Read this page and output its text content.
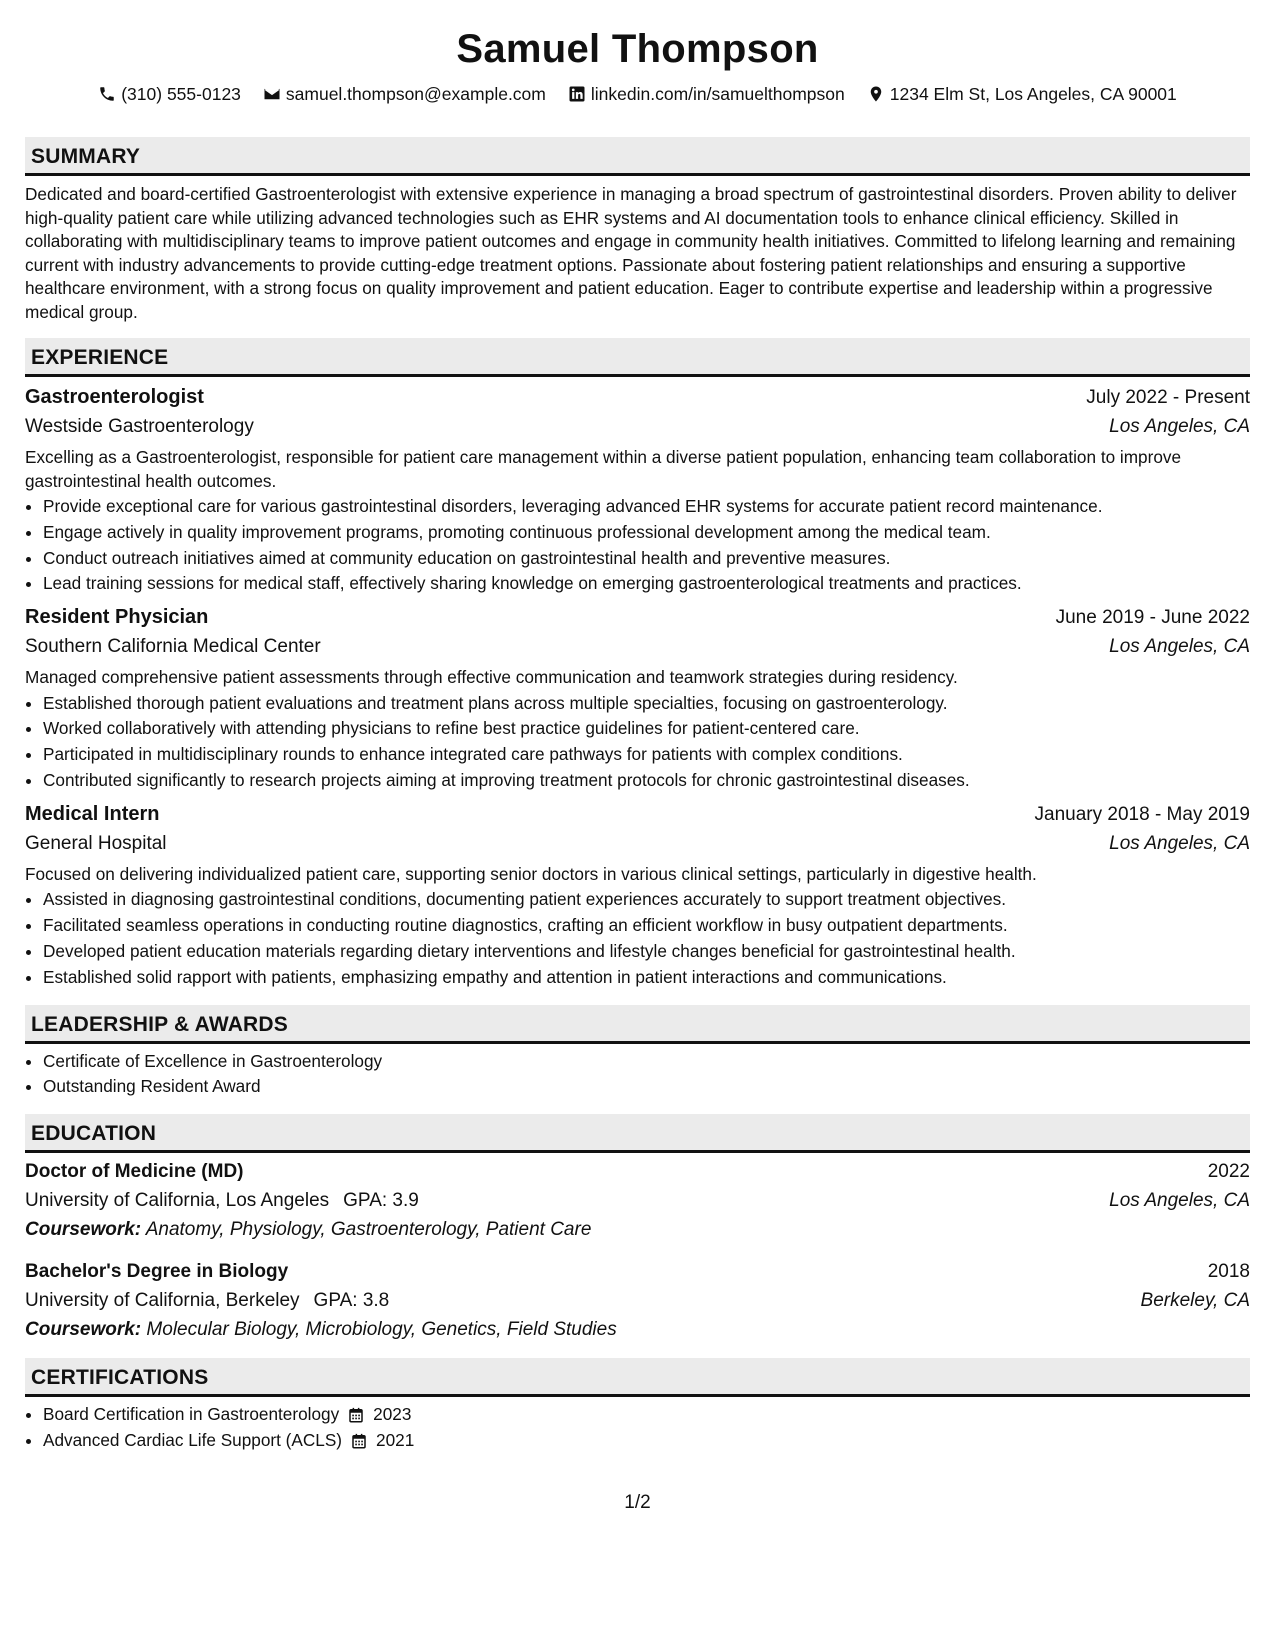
Samuel Thompson
(310) 555-0123	samuel.thompson@example.com	linkedin.com/in/samuelthompson	1234 Elm St, Los Angeles, CA 90001
SUMMARY

Dedicated and board-certified Gastroenterologist with extensive experience in managing a broad spectrum of gastrointestinal disorders. Proven ability to deliver high-quality patient care while utilizing advanced technologies such as EHR systems and AI documentation tools to enhance clinical efficiency. Skilled in collaborating with multidisciplinary teams to improve patient outcomes and engage in community health initiatives. Committed to lifelong learning and remaining current with industry advancements to provide cutting-edge treatment options. Passionate about fostering patient relationships and ensuring a supportive healthcare environment, with a strong focus on quality improvement and patient education. Eager to contribute expertise and leadership within a progressive medical group.

EXPERIENCE
Gastroenterologist	July 2022 - Present
Westside Gastroenterology	Los Angeles, CA
Excelling as a Gastroenterologist, responsible for patient care management within a diverse patient population, enhancing team collaboration to improve gastrointestinal health outcomes.
• Provide exceptional care for various gastrointestinal disorders, leveraging advanced EHR systems for accurate patient record maintenance.
• Engage actively in quality improvement programs, promoting continuous professional development among the medical team.
• Conduct outreach initiatives aimed at community education on gastrointestinal health and preventive measures.
• Lead training sessions for medical staff, effectively sharing knowledge on emerging gastroenterological treatments and practices.
Resident Physician	June 2019 - June 2022
Southern California Medical Center	Los Angeles, CA
Managed comprehensive patient assessments through effective communication and teamwork strategies during residency.
• Established thorough patient evaluations and treatment plans across multiple specialties, focusing on gastroenterology.
• Worked collaboratively with attending physicians to refine best practice guidelines for patient-centered care.
• Participated in multidisciplinary rounds to enhance integrated care pathways for patients with complex conditions.
• Contributed significantly to research projects aiming at improving treatment protocols for chronic gastrointestinal diseases.
Medical Intern	January 2018 - May 2019
General Hospital	Los Angeles, CA
Focused on delivering individualized patient care, supporting senior doctors in various clinical settings, particularly in digestive health.
• Assisted in diagnosing gastrointestinal conditions, documenting patient experiences accurately to support treatment objectives.
• Facilitated seamless operations in conducting routine diagnostics, crafting an efficient workflow in busy outpatient departments.
• Developed patient education materials regarding dietary interventions and lifestyle changes beneficial for gastrointestinal health.
• Established solid rapport with patients, emphasizing empathy and attention in patient interactions and communications.
LEADERSHIP & AWARDS
• Certificate of Excellence in Gastroenterology
• Outstanding Resident Award
EDUCATION
Doctor of Medicine (MD)	2022
University of California, Los Angeles GPA: 3.9	Los Angeles, CA
Coursework: Anatomy, Physiology, Gastroenterology, Patient Care
Bachelor's Degree in Biology	2018
University of California, Berkeley GPA: 3.8	Berkeley, CA
Coursework: Molecular Biology, Microbiology, Genetics, Field Studies
CERTIFICATIONS
• Board Certification in Gastroenterology 2023
• Advanced Cardiac Life Support (ACLS) 2021
1/2
